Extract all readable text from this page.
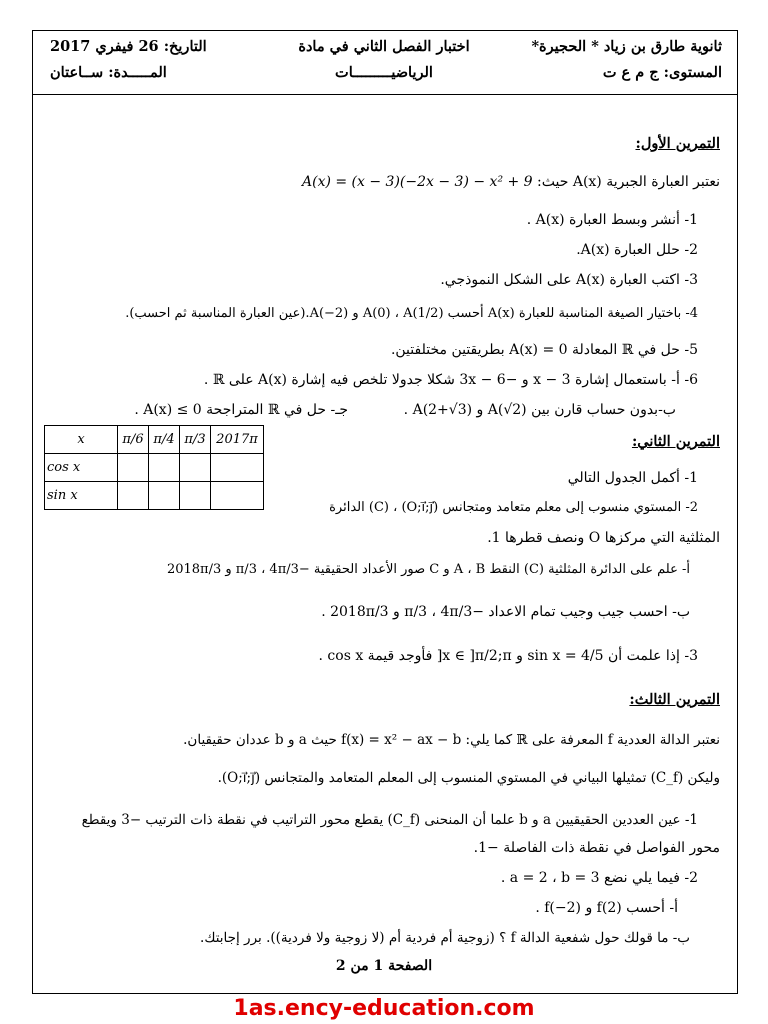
ثانوية طارق بن زياد * الحجيرة*
المستوى: ج م ع ت
اختبار الفصل الثاني في مادة
الرياضيـــــــــات
التاريخ: 26 فيفري 2017
المـــــدة: ســاعتان
التمرين الأول:
نعتبر العبارة الجبرية A(x) حيث: A(x) = (x − 3)(−2x − 3) − x² + 9
1- أنشر وبسط العبارة A(x) .
2- حلل العبارة A(x).
3- اكتب العبارة A(x) على الشكل النموذجي.
4- باختيار الصيغة المناسبة للعبارة A(x) أحسب A(0) ، A(1/2) و A(−2).(عين العبارة المناسبة ثم احسب).
5- حل في ℝ المعادلة A(x) = 0 بطريقتين مختلفتين.
6- أ- باستعمال إشارة x − 3 و −3x − 6 شكلا جدولا تلخص فيه إشارة A(x) على ℝ .
ب-بدون حساب قارن بين A(√2) و A(2+√3) .
جـ- حل في ℝ المتراجحة A(x) ≤ 0 .
x	π/6	π/4	π/3	2017π
cos x				
sin x				
التمرين الثاني:
1- أكمل الجدول التالي
2- المستوي منسوب إلى معلم متعامد ومتجانس (O;i⃗;j⃗) ، (C) الدائرة
المثلثية التي مركزها O ونصف قطرها 1.
أ- علم على الدائرة المثلثية (C) النقط A ، B و C صور الأعداد الحقيقية −π/3 ، 4π/3 و 2018π/3
ب- احسب جيب وجيب تمام الاعداد −π/3 ، 4π/3 و 2018π/3 .
3- إذا علمت أن sin x = 4/5 و x ∈ ]π/2;π[ فأوجد قيمة cos x .
التمرين الثالث:
نعتبر الدالة العددية f المعرفة على ℝ كما يلي: f(x) = x² − ax − b حيث a و b عددان حقيقيان.
وليكن (C_f) تمثيلها البياني في المستوي المنسوب إلى المعلم المتعامد والمتجانس (O;i⃗;j⃗).
1- عين العددين الحقيقيين a و b علما أن المنحنى (C_f) يقطع محور التراتيب في نقطة ذات الترتيب −3 ويقطع
محور الفواصل في نقطة ذات الفاصلة −1.
2- فيما يلي نضع a = 2 ، b = 3 .
أ- أحسب f(2) و f(−2) .
ب- ما قولك حول شفعية الدالة f ؟ (زوجية أم فردية أم (لا زوجية ولا فردية)). برر إجابتك.
الصفحة 1 من 2
1as.ency-education.com
